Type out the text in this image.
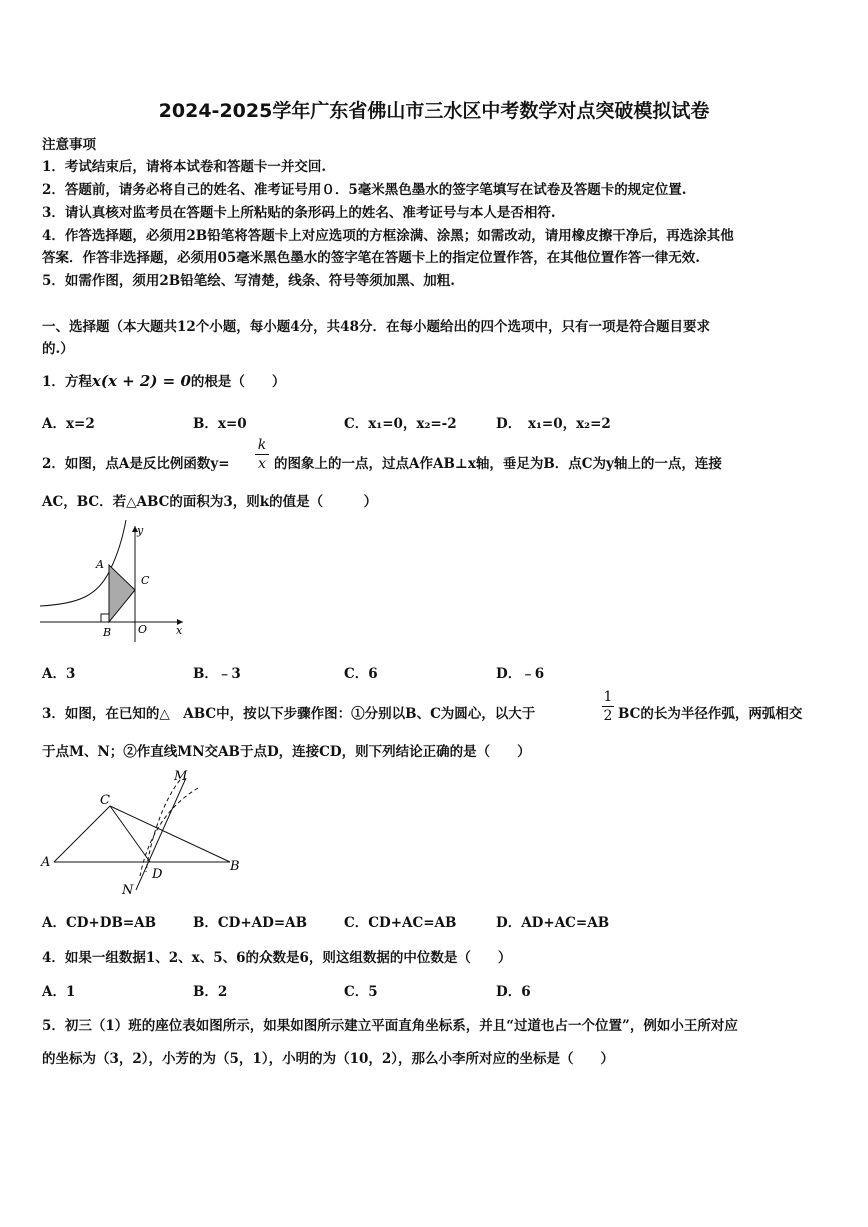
2024-2025学年广东省佛山市三水区中考数学对点突破模拟试卷
注意事项
1．考试结束后，请将本试卷和答题卡一并交回.
2．答题前，请务必将自己的姓名、准考证号用０．5毫米黑色墨水的签字笔填写在试卷及答题卡的规定位置.
3．请认真核对监考员在答题卡上所粘贴的条形码上的姓名、准考证号与本人是否相符.
4．作答选择题，必须用2B铅笔将答题卡上对应选项的方框涂满、涂黑；如需改动，请用橡皮擦干净后，再选涂其他
答案．作答非选择题，必须用05毫米黑色墨水的签字笔在答题卡上的指定位置作答，在其他位置作答一律无效.
5．如需作图，须用2B铅笔绘、写清楚，线条、符号等须加黑、加粗.
一、选择题（本大题共12个小题，每小题4分，共48分．在每小题给出的四个选项中，只有一项是符合题目要求
的.）
1．方程x(x + 2) = 0的根是（　　）
A．x=2	B．x=0	C．x₁=0，x₂=-2	D．　x₁=0，x₂=2
2．如图，点A是反比例函数y=
k
x 的图象上的一点，过点A作AB⊥x轴，垂足为B．点C为y轴上的一点，连接
AC，BC．若△ABC的面积为3，则k的值是（　　　）
y
x
A
B
C
O
A．3	B．﹣3	C．6	D．﹣6
3．如图，在已知的△　ABC中，按以下步骤作图：①分别以B、C为圆心，以大于
1
2 BC的长为半径作弧，两弧相交
于点M、N；②作直线MN交AB于点D，连接CD，则下列结论正确的是（　　）
M
C
A	B
D
N
A．CD+DB=AB	B．CD+AD=AB	C．CD+AC=AB	D．AD+AC=AB
4．如果一组数据1、2、x、5、6的众数是6，则这组数据的中位数是（　　）
A．1	B．2	C．5	D．6
5．初三（1）班的座位表如图所示，如果如图所示建立平面直角坐标系，并且“过道也占一个位置”，例如小王所对应
的坐标为（3，2），小芳的为（5，1），小明的为（10，2），那么小李所对应的坐标是（　　）
